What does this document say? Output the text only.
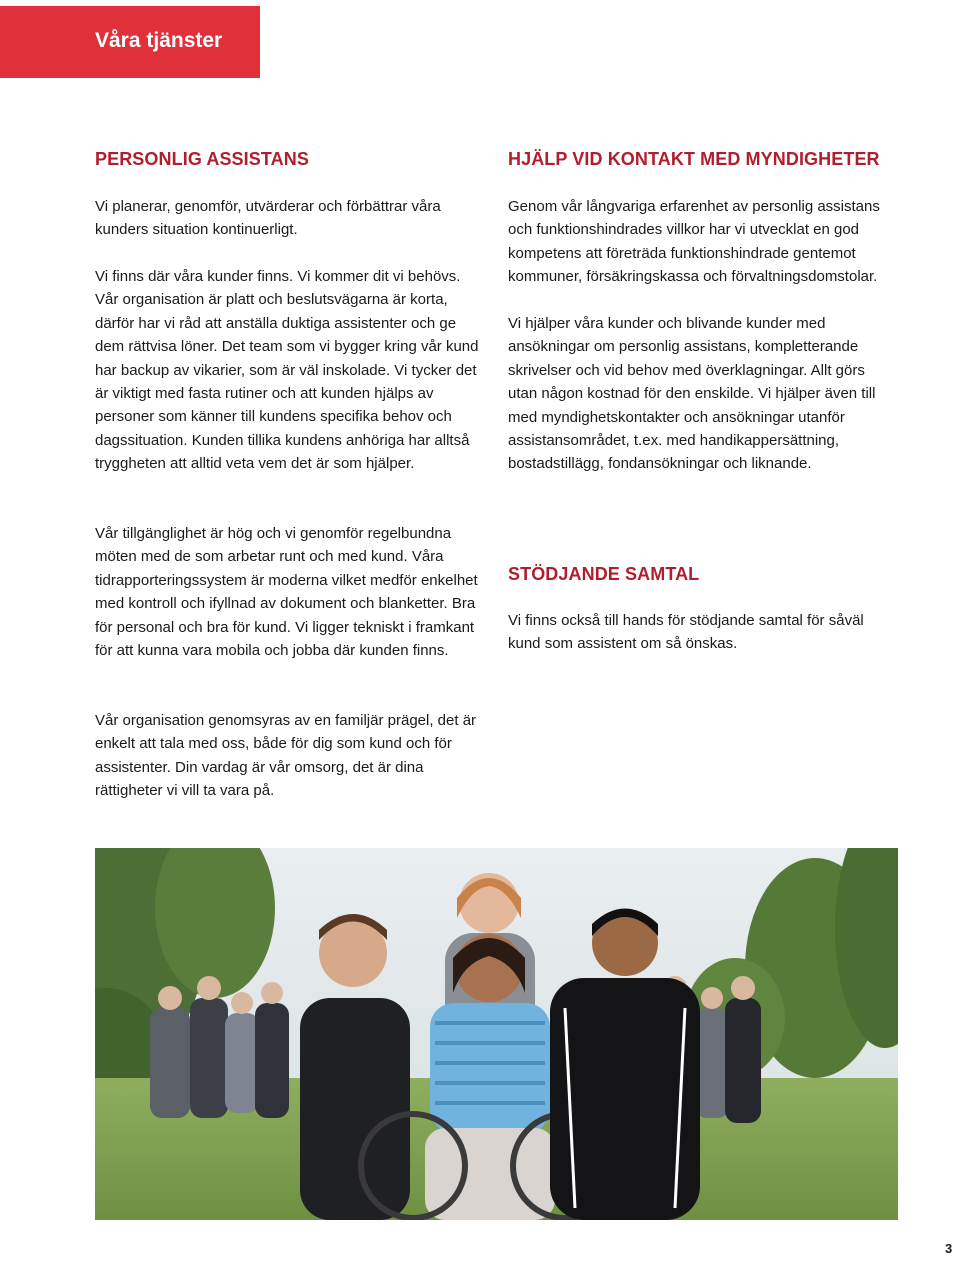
Våra tjänster
PERSONLIG ASSISTANS

Vi planerar, genomför, utvärderar och förbättrar våra kunders situation kontinuerligt.

Vi finns där våra kunder finns. Vi kommer dit vi behövs. Vår organisation är platt och beslutsvägarna är korta, därför har vi råd att anställa duktiga assistenter och ge dem rättvisa löner. Det team som vi bygger kring vår kund har backup av vikarier, som är väl inskolade. Vi tycker det är viktigt med fasta rutiner och att kunden hjälps av personer som känner till kundens specifika behov och dagssituation. Kunden tillika kundens anhöriga har alltså tryggheten att alltid veta vem det är som hjälper.

Vår tillgänglighet är hög och vi genomför regelbundna möten med de som arbetar runt och med kund. Våra tidrapporteringssystem är moderna vilket medför enkelhet med kontroll och ifyllnad av dokument och blanketter. Bra för personal och bra för kund. Vi ligger tekniskt i framkant för att kunna vara mobila och jobba där kunden finns.

Vår organisation genomsyras av en familjär prägel, det är enkelt att tala med oss, både för dig som kund och för assistenter. Din vardag är vår omsorg, det är dina rättigheter vi vill ta vara på.

HJÄLP VID KONTAKT MED MYNDIGHETER

Genom vår långvariga erfarenhet av personlig assistans och funktionshindrades villkor har vi utvecklat en god kompetens att företräda funktionshindrade gentemot kommuner, försäkringskassa och förvaltningsdomstolar.

Vi hjälper våra kunder och blivande kunder med ansökningar om personlig assistans, kompletterande skrivelser och vid behov med överklagningar. Allt görs utan någon kostnad för den enskilde. Vi hjälper även till med myndighetskontakter och ansökningar utanför assistansområdet, t.ex. med handikappersättning, bostadstillägg, fondansökningar och liknande.

STÖDJANDE SAMTAL

Vi finns också till hands för stödjande samtal för såväl kund som assistent om så önskas.

3
